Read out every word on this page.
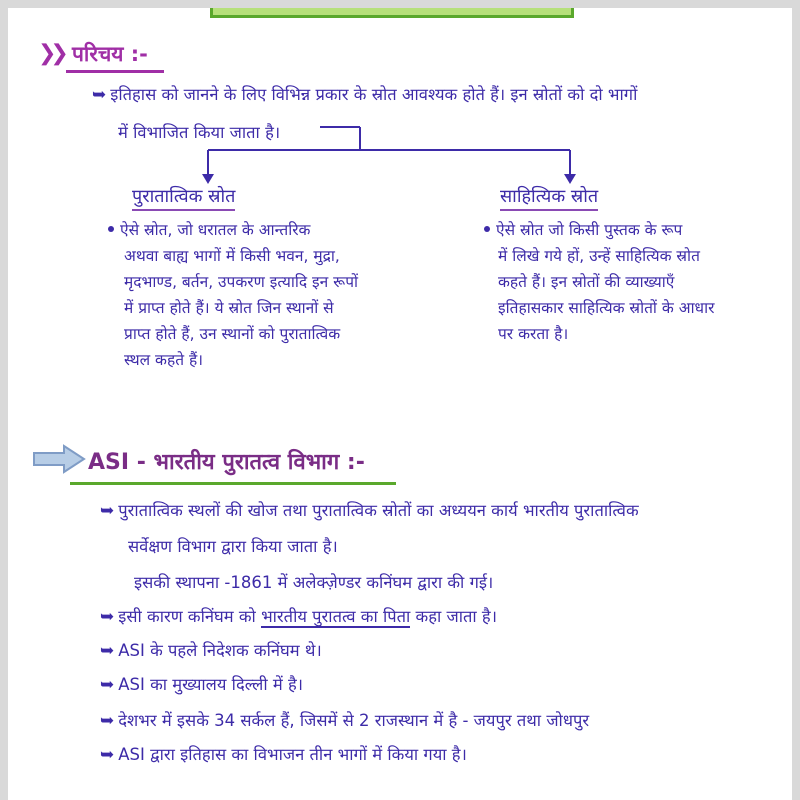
❯❯ परिचय :-
➥ इतिहास को जानने के लिए विभिन्न प्रकार के स्रोत आवश्यक होते हैं। इन स्रोतों को दो भागों
में विभाजित किया जाता है।
पुरातात्विक स्रोत
ऐसे स्रोत, जो धरातल के आन्तरिक
अथवा बाह्य भागों में किसी भवन, मुद्रा,
मृदभाण्ड, बर्तन, उपकरण इत्यादि इन रूपों
में प्राप्त होते हैं। ये स्रोत जिन स्थानों से
प्राप्त होते हैं, उन स्थानों को पुरातात्विक
स्थल कहते हैं।
साहित्यिक स्रोत
ऐसे स्रोत जो किसी पुस्तक के रूप
में लिखे गये हों, उन्हें साहित्यिक स्रोत
कहते हैं। इन स्रोतों की व्याख्याएँ
इतिहासकार साहित्यिक स्रोतों के आधार
पर करता है।
ASI - भारतीय पुरातत्व विभाग :-
➥ पुरातात्विक स्थलों की खोज तथा पुरातात्विक स्रोतों का अध्ययन कार्य भारतीय पुरातात्विक
सर्वेक्षण विभाग द्वारा किया जाता है।
इसकी स्थापना -1861 में अलेक्ज़ेण्डर कनिंघम द्वारा की गई।
➥ इसी कारण कनिंघम को भारतीय पुरातत्व का पिता कहा जाता है।
➥ ASI के पहले निदेशक कनिंघम थे।
➥ ASI का मुख्यालय दिल्ली में है।
➥ देशभर में इसके 34 सर्कल हैं, जिसमें से 2 राजस्थान में है - जयपुर तथा जोधपुर
➥ ASI द्वारा इतिहास का विभाजन तीन भागों में किया गया है।
